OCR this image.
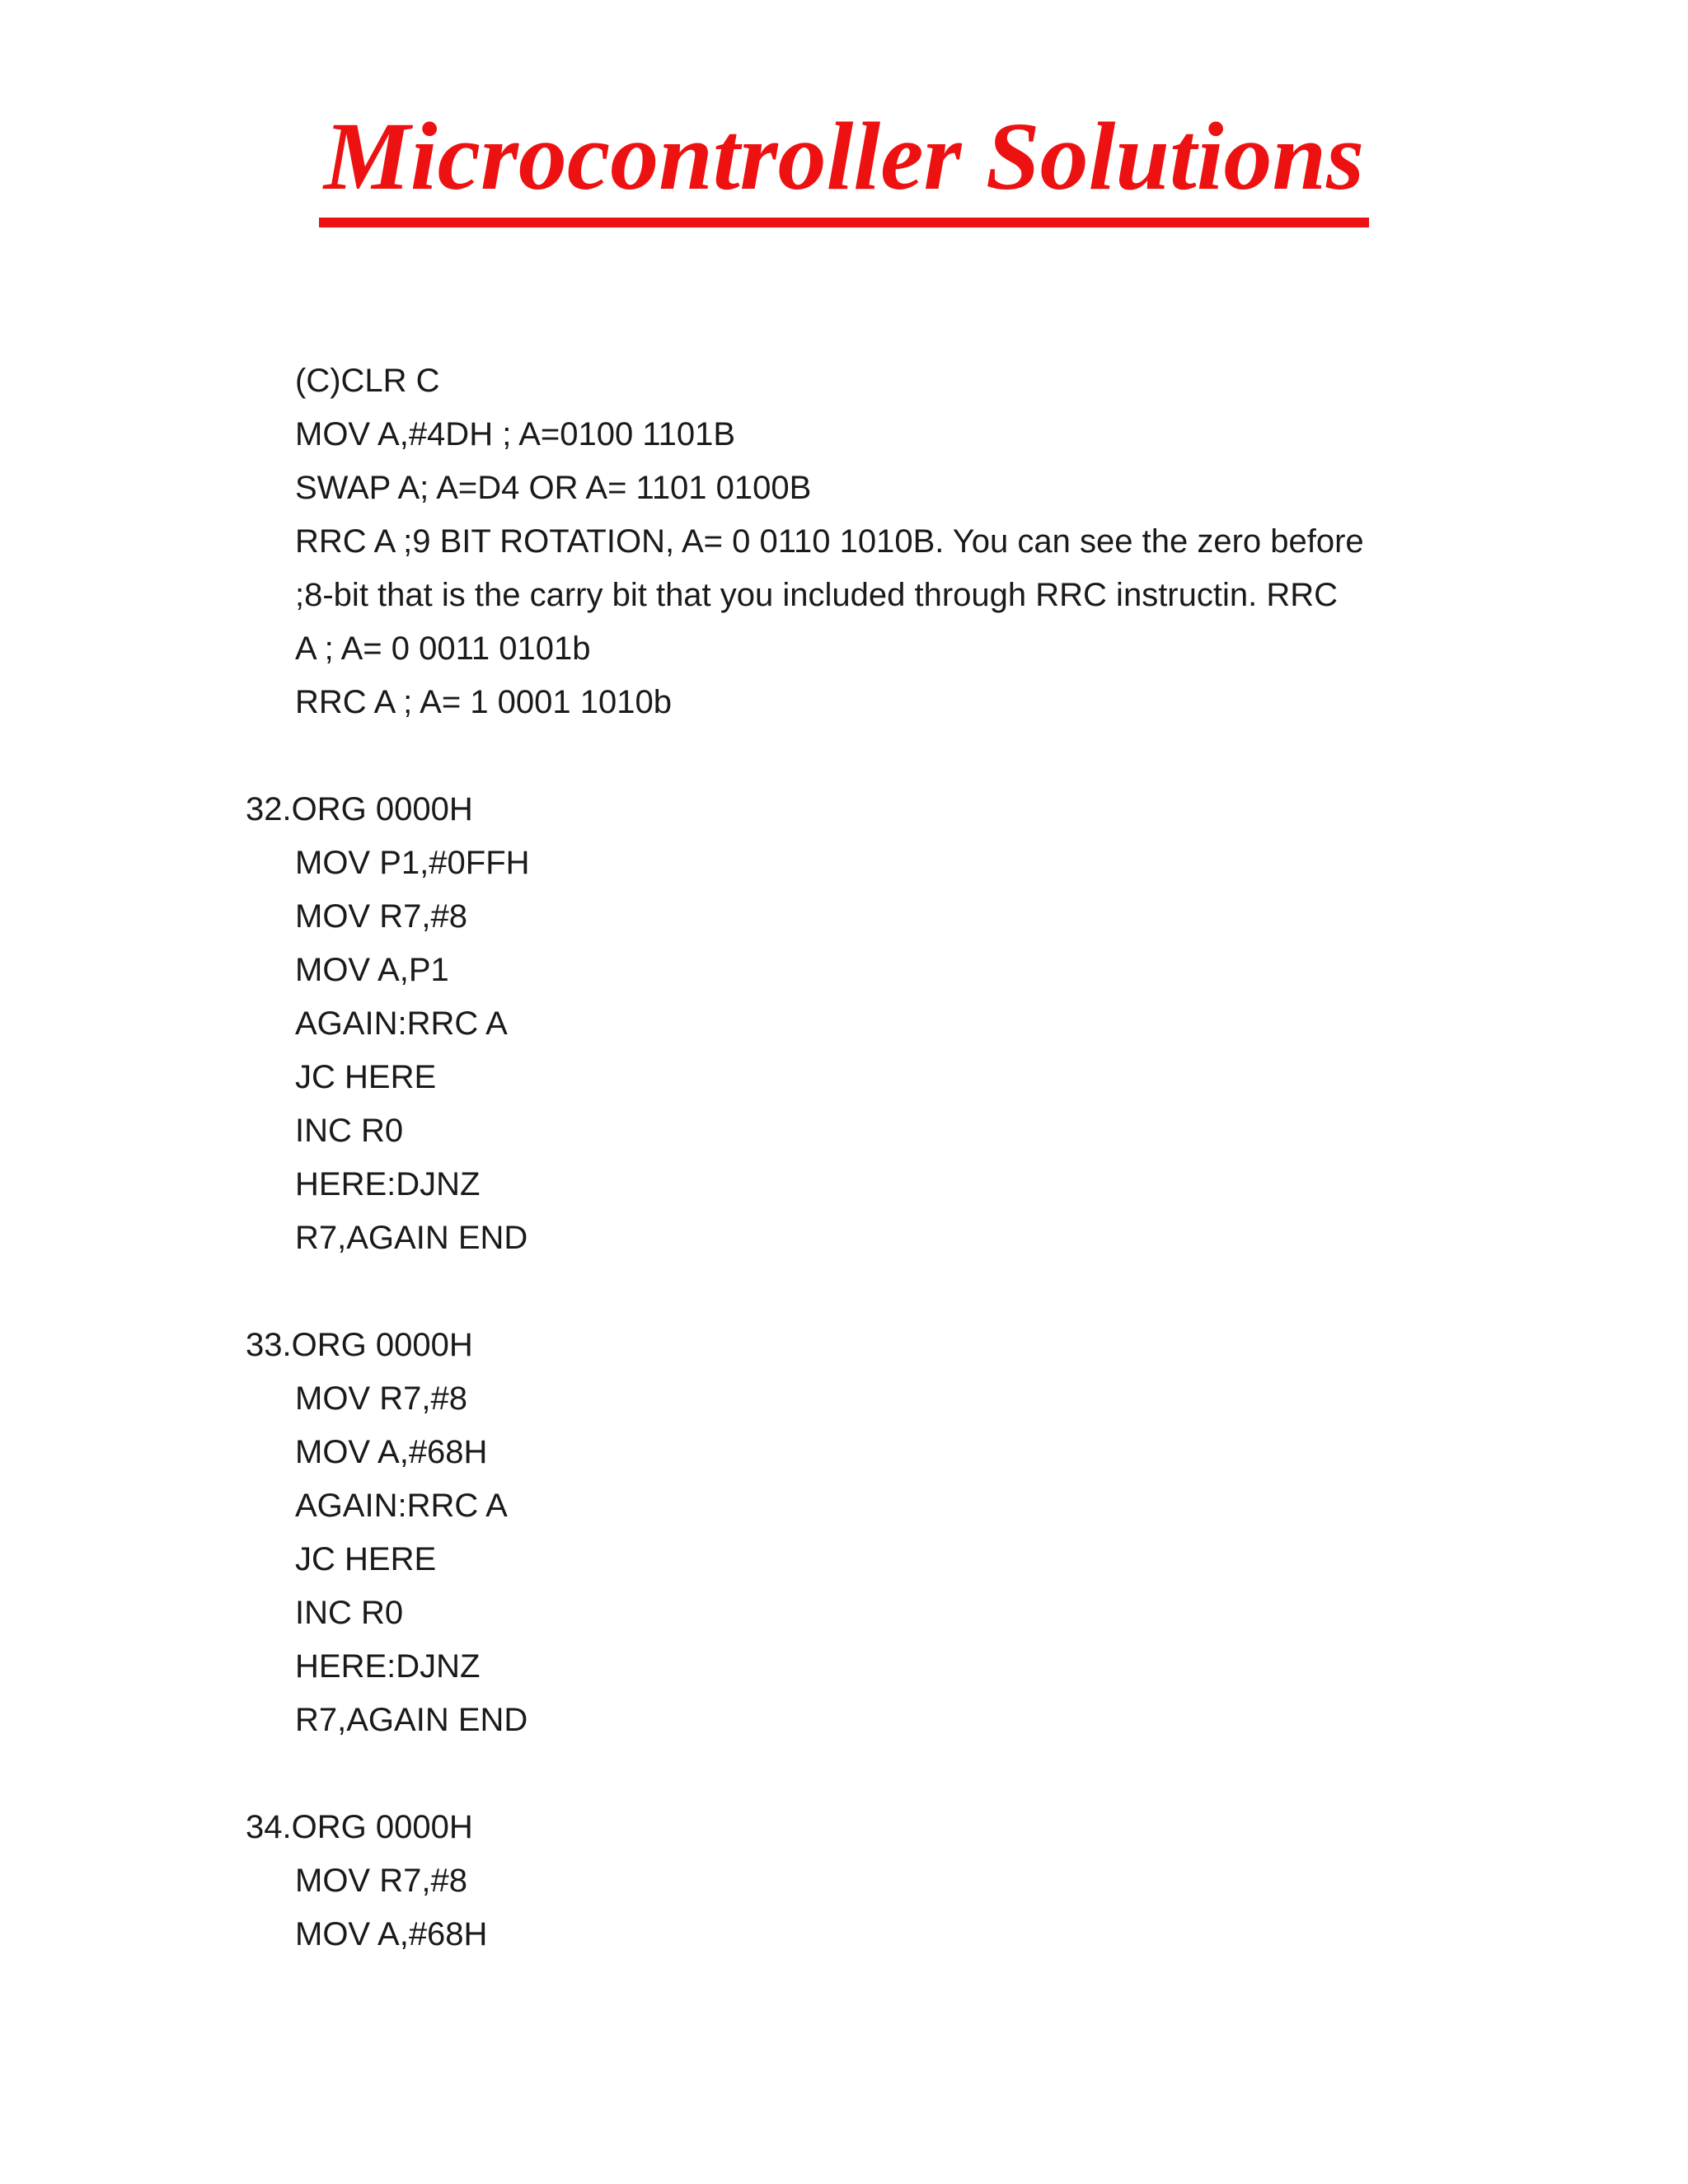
Microcontroller Solutions
(C)CLR C
MOV A,#4DH ; A=0100 1101B
SWAP A; A=D4 OR A= 1101 0100B
RRC A ;9 BIT ROTATION, A= 0 0110 1010B. You can see the zero before
;8-bit that is the carry bit that you included through RRC instructin. RRC
A ; A= 0 0011 0101b
RRC A ; A= 1 0001 1010b
32.ORG 0000H
MOV P1,#0FFH
MOV R7,#8
MOV A,P1
AGAIN:RRC A
JC HERE
INC R0
HERE:DJNZ
R7,AGAIN END
33.ORG 0000H
MOV R7,#8
MOV A,#68H
AGAIN:RRC A
JC HERE
INC R0
HERE:DJNZ
R7,AGAIN END
34.ORG 0000H
MOV R7,#8
MOV A,#68H
